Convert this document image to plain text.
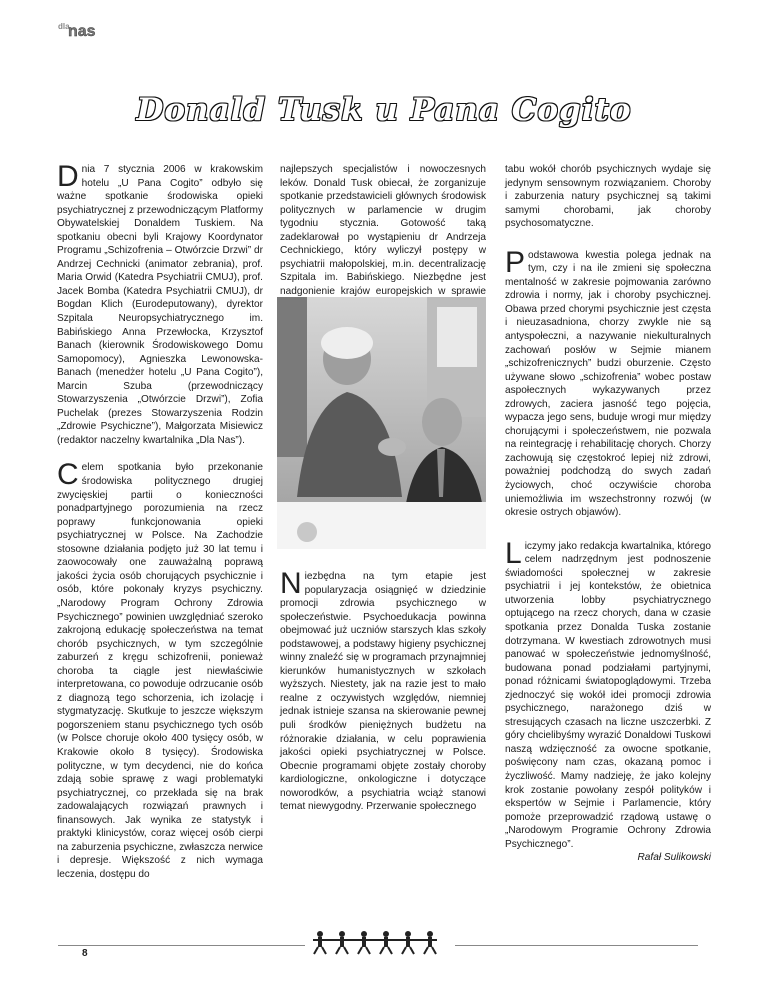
dla
nas
Donald Tusk u Pana Cogito

Dnia 7 stycznia 2006 w krakowskim hotelu „U Pana Cogito” odbyło się ważne spotkanie środowiska opieki psychiatrycznej z przewodniczącym Platformy Obywatelskiej Donaldem Tuskiem. Na spotkaniu obecni byli Krajowy Koordynator Programu „Schizofrenia – Otwórzcie Drzwi” dr Andrzej Cechnicki (animator zebrania), prof. Maria Orwid (Katedra Psychiatrii CMUJ), prof. Jacek Bomba (Katedra Psychiatrii CMUJ), dr Bogdan Klich (Eurodeputowany), dyrektor Szpitala Neuropsychiatrycznego im. Babińskiego Anna Przewłocka, Krzysztof Banach (kierownik Środowiskowego Domu Samopomocy), Agnieszka Lewonowska-Banach (menedżer hotelu „U Pana Cogito”), Marcin Szuba (przewodniczący Stowarzyszenia „Otwórzcie Drzwi”), Zofia Puchelak (prezes Stowarzyszenia Rodzin „Zdrowie Psychiczne”), Małgorzata Misiewicz (redaktor naczelny kwartalnika „Dla Nas”).

Celem spotkania było przekonanie środowiska politycznego drugiej zwycięskiej partii o konieczności ponadpartyjnego porozumienia na rzecz poprawy funkcjonowania opieki psychiatrycznej w Polsce. Na Zachodzie stosowne działania podjęto już 30 lat temu i zaowocowały one zauważalną poprawą jakości życia osób chorujących psychicznie i osób, które pokonały kryzys psychiczny. „Narodowy Program Ochrony Zdrowia Psychicznego” powinien uwzględniać szeroko zakrojoną edukację społeczeństwa na temat chorób psychicznych, w tym szczególnie zaburzeń z kręgu schizofrenii, ponieważ choroba ta ciągle jest niewłaściwie interpretowana, co powoduje odrzucanie osób z diagnozą tego schorzenia, ich izolację i stygmatyzację. Skutkuje to jeszcze większym pogorszeniem stanu psychicznego tych osób (w Polsce choruje około 400 tysięcy osób, w Krakowie około 8 tysięcy). Środowiska polityczne, w tym decydenci, nie do końca zdają sobie sprawę z wagi problematyki psychiatrycznej, co przekłada się na brak zadowalających rozwiązań prawnych i finansowych. Jak wynika ze statystyk i praktyki klinicystów, coraz więcej osób cierpi na zaburzenia psychiczne, zwłaszcza nerwice i depresje. Większość z nich wymaga leczenia, dostępu do

najlepszych specjalistów i nowoczesnych leków. Donald Tusk obiecał, że zorganizuje spotkanie przedstawicieli głównych środowisk politycznych w parlamencie w drugim tygodniu stycznia. Gotowość taką zadeklarował po wystąpieniu dr Andrzeja Cechnickiego, który wyliczył postępy w psychiatrii małopolskiej, m.in. decentralizację Szpitala im. Babińskiego. Niezbędne jest nadgonienie krajów europejskich w sprawie

Niezbędna na tym etapie jest popularyzacja osiągnięć w dziedzinie promocji zdrowia psychicznego w społeczeństwie. Psychoedukacja powinna obejmować już uczniów starszych klas szkoły podstawowej, a podstawy higieny psychicznej winny znaleźć się w programach przynajmniej kierunków humanistycznych w szkołach wyższych. Niestety, jak na razie jest to mało realne z oczywistych względów, niemniej jednak istnieje szansa na skierowanie pewnej puli środków pieniężnych budżetu na różnorakie działania, w celu poprawienia jakości opieki psychiatrycznej w Polsce. Obecnie programami objęte zostały choroby kardiologiczne, onkologiczne i dotyczące noworodków, a psychiatria wciąż stanowi temat niewygodny. Przerwanie społecznego

tabu wokół chorób psychicznych wydaje się jedynym sensownym rozwiązaniem. Choroby i zaburzenia natury psychicznej są takimi samymi chorobami, jak choroby psychosomatyczne.

Podstawowa kwestia polega jednak na tym, czy i na ile zmieni się społeczna mentalność w zakresie pojmowania zarówno zdrowia i normy, jak i choroby psychicznej. Obawa przed chorymi psychicznie jest częsta i nieuzasadniona, chorzy zwykle nie są antyspołeczni, a nazywanie niekulturalnych zachowań posłów w Sejmie mianem „schizofrenicznych” budzi oburzenie. Często używane słowo „schizofrenia” wobec postaw aspołecznych wykazywanych przez zdrowych, zaciera jasność tego pojęcia, wypacza jego sens, buduje wrogi mur między chorującymi i społeczeństwem, nie pozwala na reintegrację i rehabilitację chorych. Chorzy zachowują się częstokroć lepiej niż zdrowi, poważniej podchodzą do swych zadań życiowych, choć oczywiście choroba uniemożliwia im wszechstronny rozwój (w okresie ostrych objawów).

Liczymy jako redakcja kwartalnika, którego celem nadrzędnym jest podnoszenie świadomości społecznej w zakresie psychiatrii i jej kontekstów, że obietnica utworzenia lobby psychiatrycznego optującego na rzecz chorych, dana w czasie spotkania przez Donalda Tuska zostanie dotrzymana. W kwestiach zdrowotnych musi panować w społeczeństwie jednomyślność, budowana ponad podziałami partyjnymi, ponad różnicami światopoglądowymi. Trzeba zjednoczyć się wokół idei promocji zdrowia psychicznego, narażonego dziś w stresujących czasach na liczne uszczerbki. Z góry chcielibyśmy wyrazić Donaldowi Tuskowi naszą wdzięczność za owocne spotkanie, poświęcony nam czas, okazaną pomoc i życzliwość. Mamy nadzieję, że jako kolejny krok zostanie powołany zespół polityków i ekspertów w Sejmie i Parlamencie, który pomoże przeprowadzić rządową ustawę o „Narodowym Programie Ochrony Zdrowia Psychicznego”.

Rafał Sulikowski

8
